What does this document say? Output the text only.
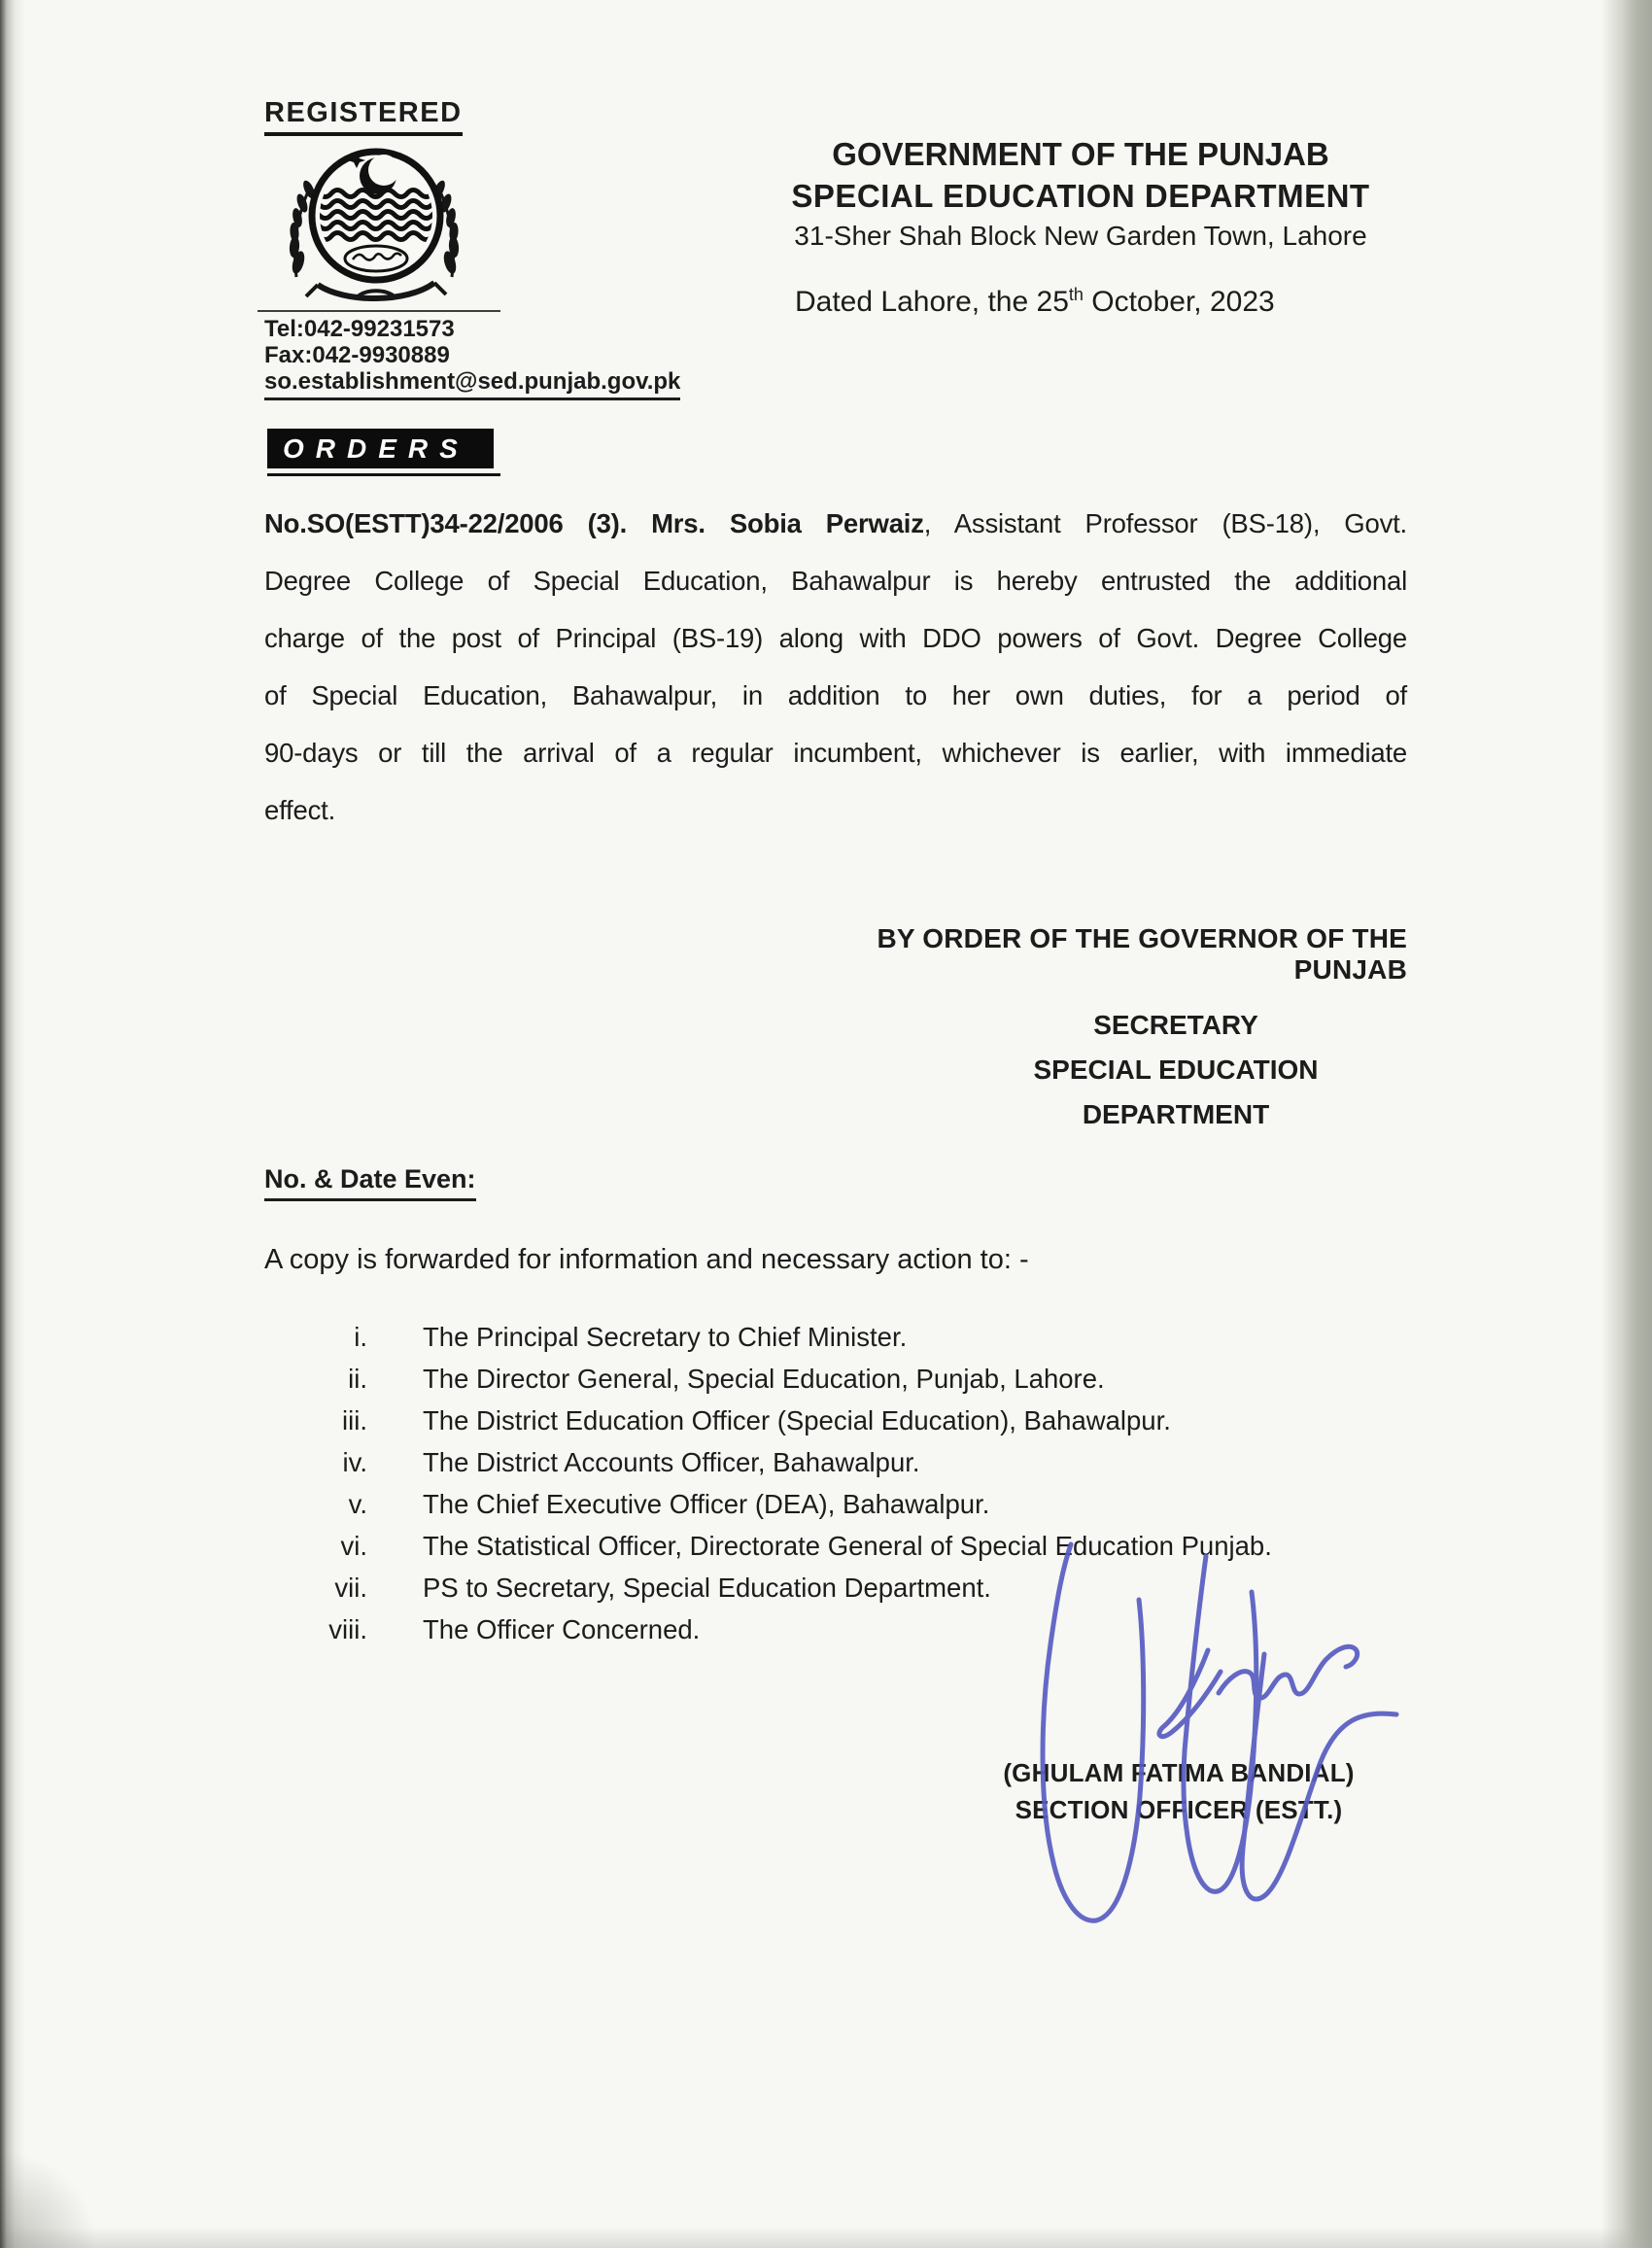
REGISTERED
Tel:042-99231573
Fax:042-9930889
so.establishment@sed.punjab.gov.pk
GOVERNMENT OF THE PUNJAB
SPECIAL EDUCATION DEPARTMENT
31-Sher Shah Block New Garden Town, Lahore
Dated Lahore, the 25th October, 2023
ORDERS
No.SO(ESTT)34-22/2006 (3). Mrs. Sobia Perwaiz, Assistant Professor (BS-18), Govt.
Degree College of Special Education, Bahawalpur is hereby entrusted the additional
charge of the post of Principal (BS-19) along with DDO powers of Govt. Degree College
of Special Education, Bahawalpur, in addition to her own duties, for a period of
90-days or till the arrival of a regular incumbent, whichever is earlier, with immediate
effect.
BY ORDER OF THE GOVERNOR OF THE PUNJAB
SECRETARY
SPECIAL EDUCATION
DEPARTMENT
No. & Date Even:
A copy is forwarded for information and necessary action to: -
i. The Principal Secretary to Chief Minister.
ii. The Director General, Special Education, Punjab, Lahore.
iii. The District Education Officer (Special Education), Bahawalpur.
iv. The District Accounts Officer, Bahawalpur.
v. The Chief Executive Officer (DEA), Bahawalpur.
vi. The Statistical Officer, Directorate General of Special Education Punjab.
vii. PS to Secretary, Special Education Department.
viii. The Officer Concerned.
(GHULAM FATIMA BANDIAL)
SECTION OFFICER (ESTT.)
